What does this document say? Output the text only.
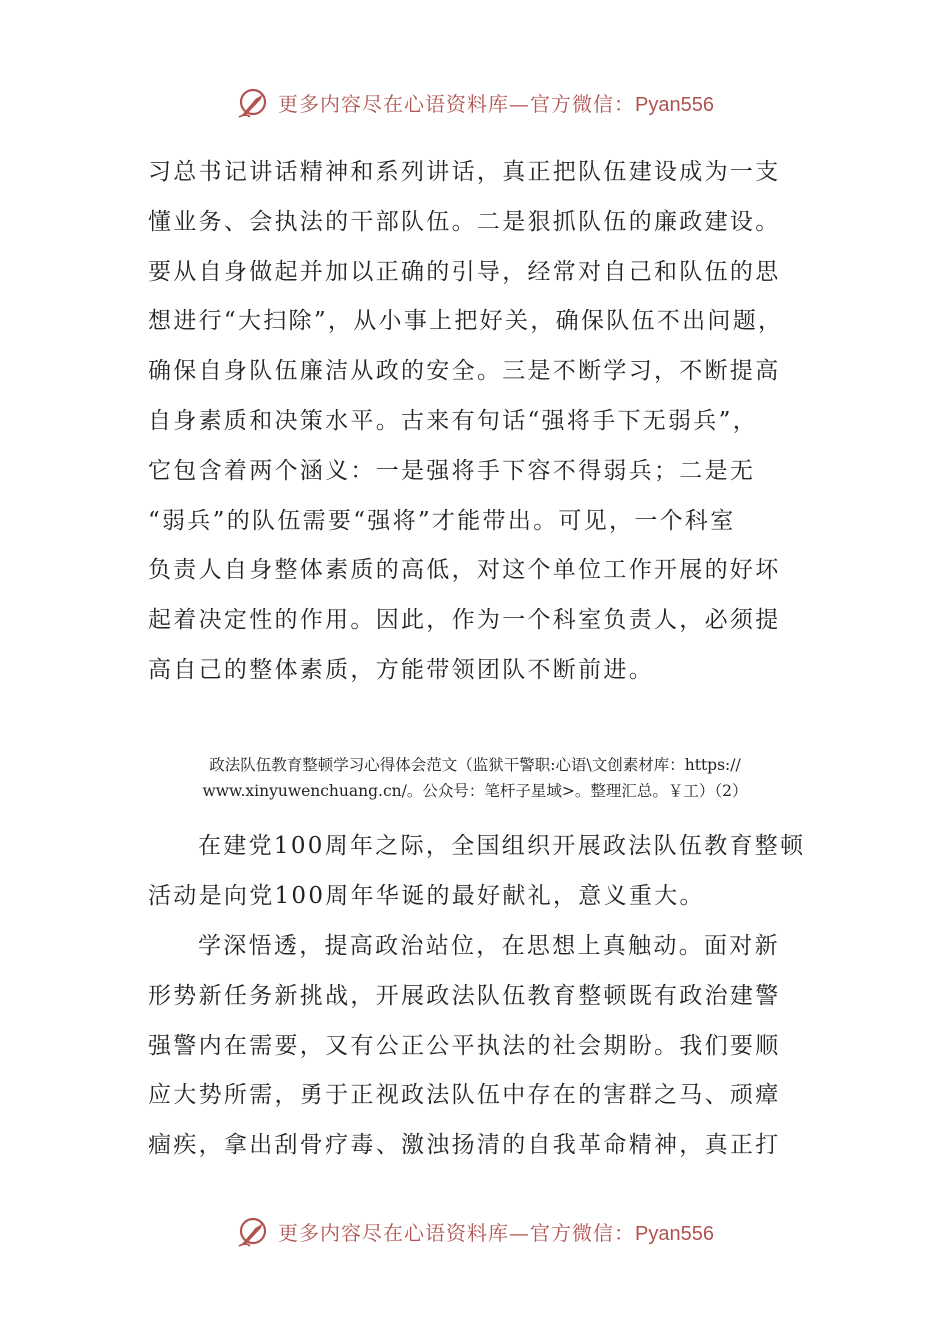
更多内容尽在心语资料库—官方微信：Pyan556
习总书记讲话精神和系列讲话，真正把队伍建设成为一支
懂业务、会执法的干部队伍。二是狠抓队伍的廉政建设。
要从自身做起并加以正确的引导，经常对自己和队伍的思
想进行“大扫除”，从小事上把好关，确保队伍不出问题，
确保自身队伍廉洁从政的安全。三是不断学习，不断提高
自身素质和决策水平。古来有句话“强将手下无弱兵”，
它包含着两个涵义：一是强将手下容不得弱兵；二是无
“弱兵”的队伍需要“强将”才能带出。可见，一个科室
负责人自身整体素质的高低，对这个单位工作开展的好坏
起着决定性的作用。因此，作为一个科室负责人，必须提
高自己的整体素质，方能带领团队不断前进。
政法队伍教育整顿学习心得体会范文（监狱干警职:心语\文创素材库：https://
www.xinyuwenchuang.cn/。公众号：笔杆子星域>。整理汇总。￥工）（2）
在建党100周年之际，全国组织开展政法队伍教育整顿
活动是向党100周年华诞的最好献礼，意义重大。
学深悟透，提高政治站位，在思想上真触动。面对新
形势新任务新挑战，开展政法队伍教育整顿既有政治建警
强警内在需要，又有公正公平执法的社会期盼。我们要顺
应大势所需，勇于正视政法队伍中存在的害群之马、顽瘴
痼疾，拿出刮骨疗毒、激浊扬清的自我革命精神，真正打
更多内容尽在心语资料库—官方微信：Pyan556
